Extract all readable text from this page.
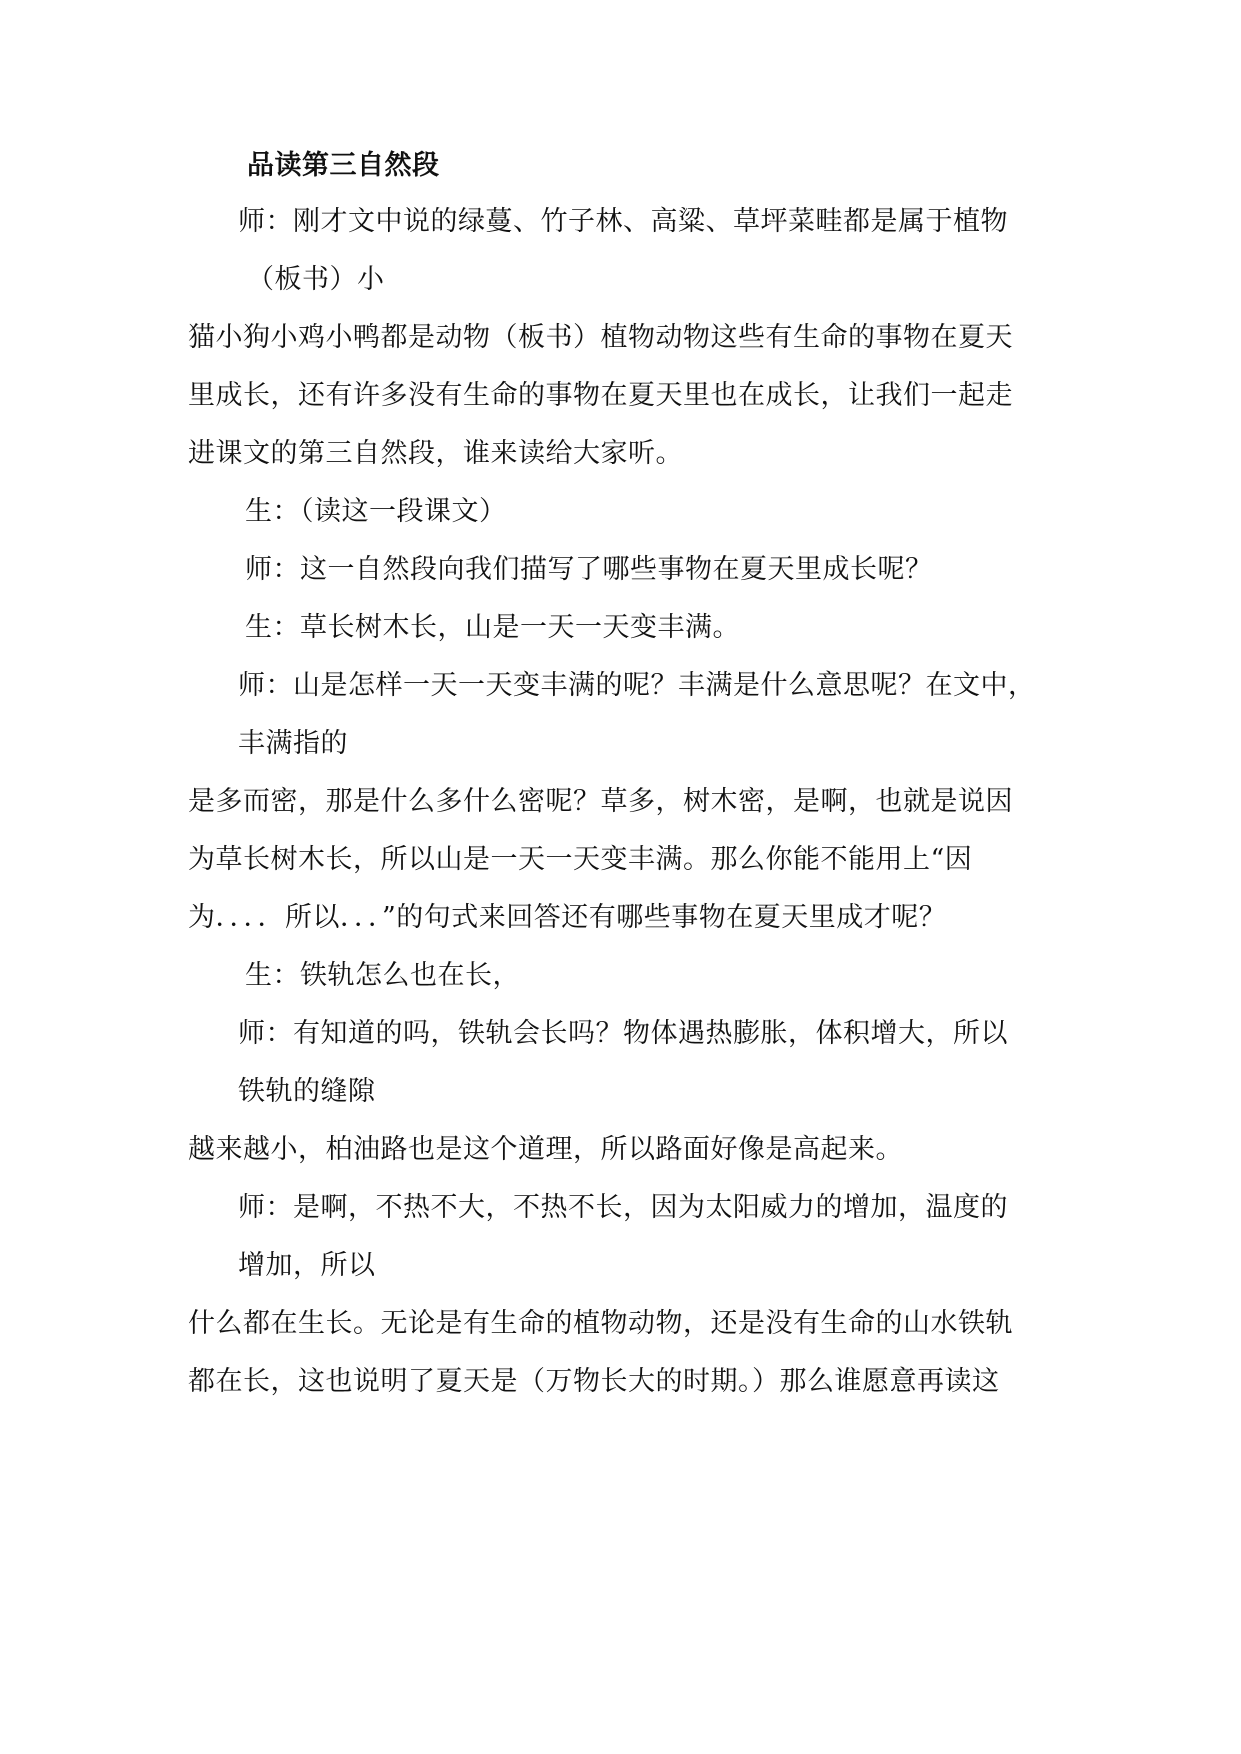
品读第三自然段
师：刚才文中说的绿蔓、竹子林、高粱、草坪菜畦都是属于植物
（板书）小
猫小狗小鸡小鸭都是动物（板书）植物动物这些有生命的事物在夏天
里成长，还有许多没有生命的事物在夏天里也在成长，让我们一起走
进课文的第三自然段，谁来读给大家听。
生：（读这一段课文）
师：这一自然段向我们描写了哪些事物在夏天里成长呢？
生：草长树木长，山是一天一天变丰满。
师：山是怎样一天一天变丰满的呢？丰满是什么意思呢？在文中，
丰满指的
是多而密，那是什么多什么密呢？草多，树木密，是啊，也就是说因
为草长树木长，所以山是一天一天变丰满。那么你能不能用上“因
为．．．．所以．．．”的句式来回答还有哪些事物在夏天里成才呢？
生：铁轨怎么也在长，
师：有知道的吗，铁轨会长吗？物体遇热膨胀，体积增大，所以
铁轨的缝隙
越来越小，柏油路也是这个道理，所以路面好像是高起来。
师：是啊，不热不大，不热不长，因为太阳威力的增加，温度的
增加，所以
什么都在生长。无论是有生命的植物动物，还是没有生命的山水铁轨
都在长，这也说明了夏天是（万物长大的时期。）那么谁愿意再读这
